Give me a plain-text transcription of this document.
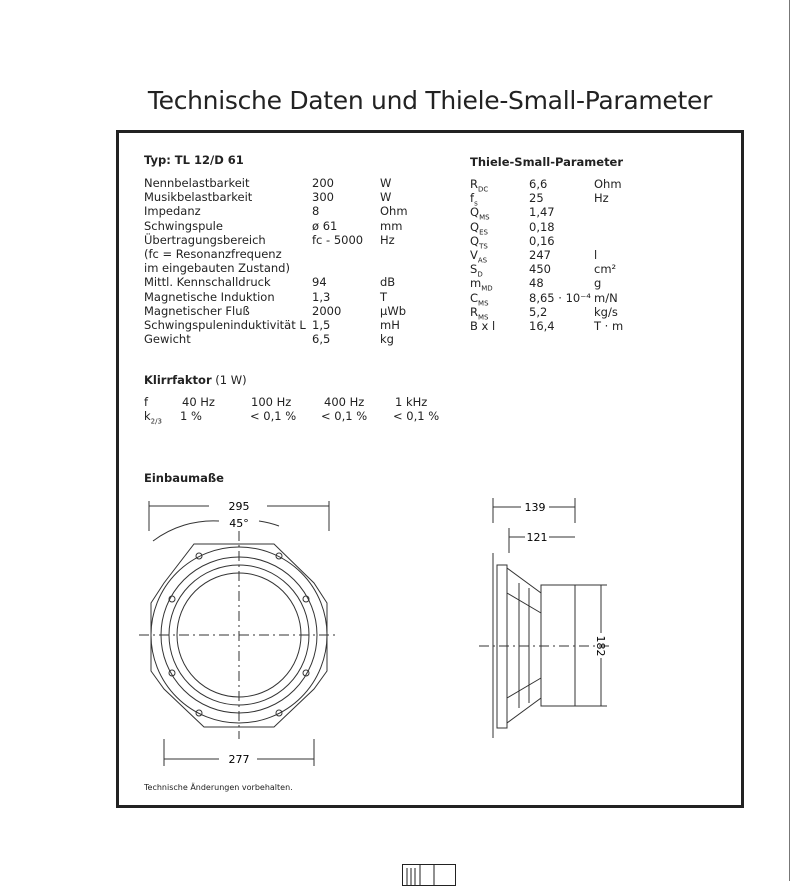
Technische Daten und Thiele-Small-Parameter
Typ: TL 12/D 61
Nennbelastbarkeit	200	W
Musikbelastbarkeit	300	W
Impedanz	8	Ohm
Schwingspule	ø 61	mm
Übertragungsbereich	fc - 5000 Hz
(fc = Resonanzfrequenz
im eingebauten Zustand)
Mittl. Kennschalldruck	94	dB
Magnetische Induktion	1,3	T
Magnetischer Fluß	2000	μWb
Schwingspuleninduktivität L 1,5	mH
Gewicht	6,5	kg
Thiele-Small-Parameter
$R_{DC}$	6,6	Ohm
$f_s$	25	Hz
$Q_{MS}$	1,47
$Q_{ES}$	0,18
$Q_{TS}$	0,16
$V_{AS}$	247	l
$S_D$	450	cm²
$m_{MD}$	48	g
$C_{MS}$	8,65 · 10⁻⁴ m/N
$R_{MS}$	5,2	kg/s
B x l	16,4	T · m
Klirrfaktor (1 W)
f	40 Hz	100 Hz	400 Hz	1 kHz
$k_{2/3}$ 1 %	< 0,1 % < 0,1 % < 0,1 %
Einbaumaße
295
45°
277
139
121
182
Technische Änderungen vorbehalten.
